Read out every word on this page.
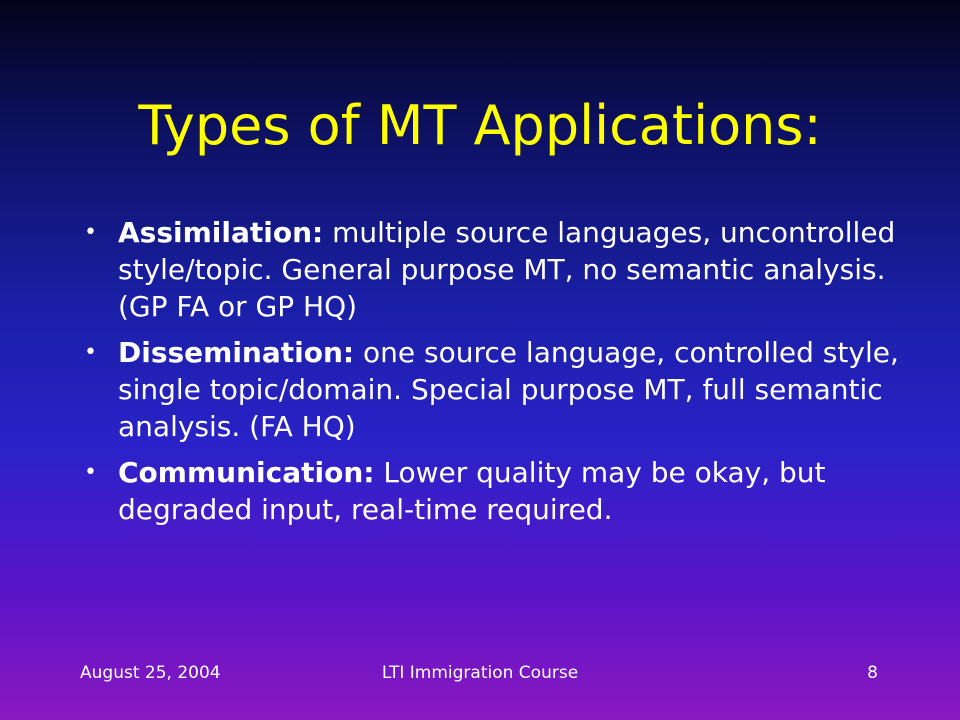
Types of MT Applications:
• Assimilation: multiple source languages, uncontrolled style/topic. General purpose MT, no semantic analysis. (GP FA or GP HQ)
• Dissemination: one source language, controlled style, single topic/domain. Special purpose MT, full semantic analysis. (FA HQ)
• Communication: Lower quality may be okay, but degraded input, real-time required.
August 25, 2004	LTI Immigration Course	8
